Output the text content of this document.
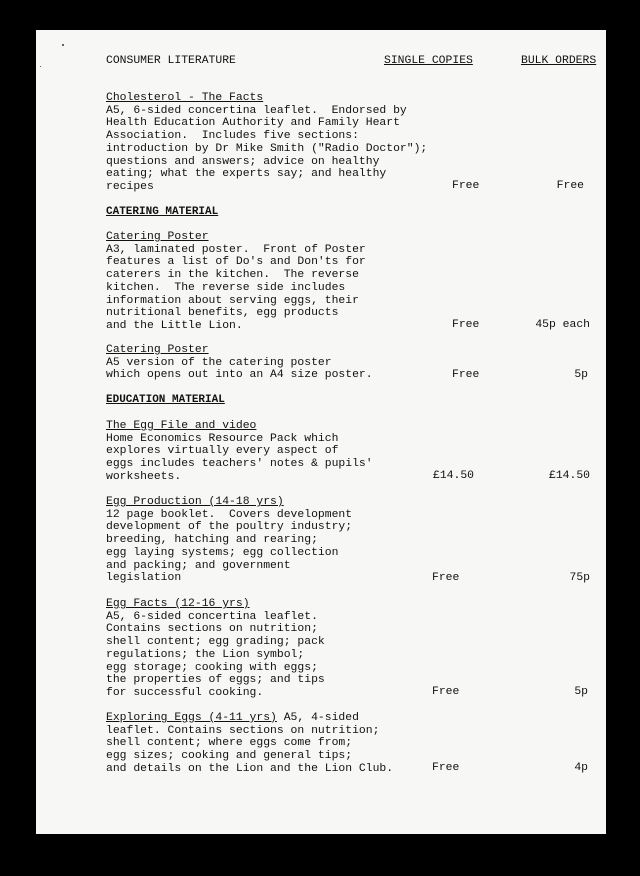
CONSUMER LITERATURE	SINGLE COPIES	BULK ORDERS
Cholesterol - The Facts
A5, 6-sided concertina leaflet.  Endorsed by
Health Education Authority and Family Heart
Association.  Includes five sections:
introduction by Dr Mike Smith ("Radio Doctor");
questions and answers; advice on healthy
eating; what the experts say; and healthy
recipes	Free	Free
CATERING MATERIAL
Catering Poster
A3, laminated poster.  Front of Poster
features a list of Do's and Don'ts for
caterers in the kitchen.  The reverse
kitchen.  The reverse side includes
information about serving eggs, their
nutritional benefits, egg products
and the Little Lion.	Free	45p each
Catering Poster
A5 version of the catering poster
which opens out into an A4 size poster.	Free	5p
EDUCATION MATERIAL
The Egg File and video
Home Economics Resource Pack which
explores virtually every aspect of
eggs includes teachers' notes & pupils'
worksheets.	£14.50	£14.50
Egg Production (14-18 yrs)
12 page booklet.  Covers development
development of the poultry industry;
breeding, hatching and rearing;
egg laying systems; egg collection
and packing; and government
legislation	Free	75p
Egg Facts (12-16 yrs)
A5, 6-sided concertina leaflet.
Contains sections on nutrition;
shell content; egg grading; pack
regulations; the Lion symbol;
egg storage; cooking with eggs;
the properties of eggs; and tips
for successful cooking.	Free	5p
Exploring Eggs (4-11 yrs) A5, 4-sided
leaflet. Contains sections on nutrition;
shell content; where eggs come from;
egg sizes; cooking and general tips;
and details on the Lion and the Lion Club.	Free	4p
